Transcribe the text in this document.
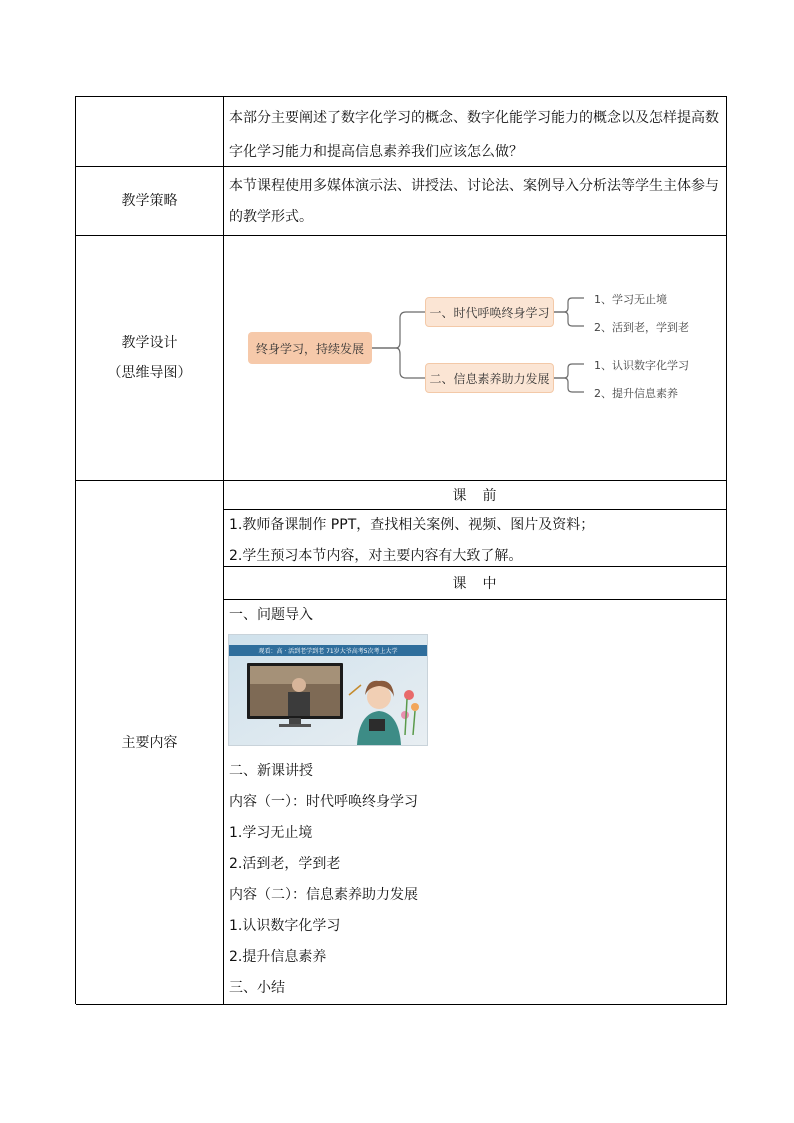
本部分主要阐述了数字化学习的概念、数字化能学习能力的概念以及怎样提高数字化学习能力和提高信息素养我们应该怎么做？
教学策略
本节课程使用多媒体演示法、讲授法、讨论法、案例导入分析法等学生主体参与的教学形式。
教学设计
（思维导图）
终身学习，持续发展
一、时代呼唤终身学习
二、信息素养助力发展
1、学习无止境
2、活到老，学到老
1、认识数字化学习
2、提升信息素养
主要内容
课　前
1.教师备课制作 PPT，查找相关案例、视频、图片及资料；
2.学生预习本节内容，对主要内容有大致了解。
课　中
一、问题导入
观看：高 · 活到老学到老 71岁大爷高考5次考上大学
二、新课讲授
内容（一）：时代呼唤终身学习
1.学习无止境
2.活到老，学到老
内容（二）：信息素养助力发展
1.认识数字化学习
2.提升信息素养
三、小结
